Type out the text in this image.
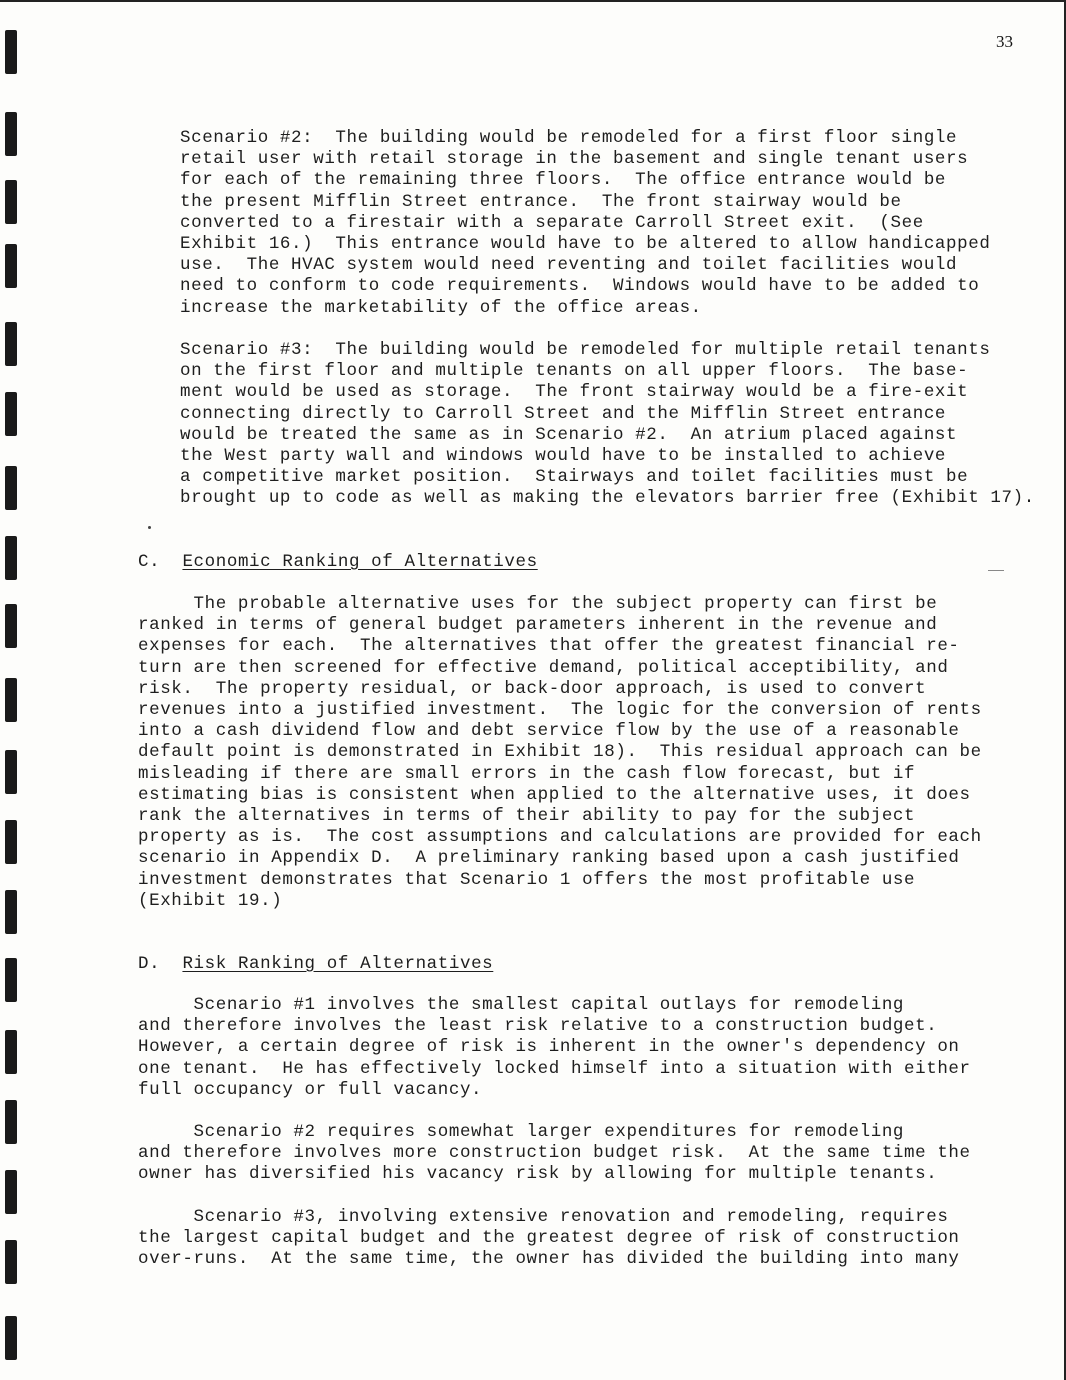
33

Scenario #2:  The building would be remodeled for a first floor single
retail user with retail storage in the basement and single tenant users
for each of the remaining three floors.  The office entrance would be
the present Mifflin Street entrance.  The front stairway would be
converted to a firestair with a separate Carroll Street exit.  (See
Exhibit 16.)  This entrance would have to be altered to allow handicapped
use.  The HVAC system would need reventing and toilet facilities would
need to conform to code requirements.  Windows would have to be added to
increase the marketability of the office areas.

Scenario #3:  The building would be remodeled for multiple retail tenants
on the first floor and multiple tenants on all upper floors.  The base-
ment would be used as storage.  The front stairway would be a fire-exit
connecting directly to Carroll Street and the Mifflin Street entrance
would be treated the same as in Scenario #2.  An atrium placed against
the West party wall and windows would have to be installed to achieve
a competitive market position.  Stairways and toilet facilities must be
brought up to code as well as making the elevators barrier free (Exhibit 17).

C. Economic Ranking of Alternatives

The probable alternative uses for the subject property can first be
ranked in terms of general budget parameters inherent in the revenue and
expenses for each.  The alternatives that offer the greatest financial re-
turn are then screened for effective demand, political acceptibility, and
risk.  The property residual, or back-door approach, is used to convert
revenues into a justified investment.  The logic for the conversion of rents
into a cash dividend flow and debt service flow by the use of a reasonable
default point is demonstrated in Exhibit 18).  This residual approach can be
misleading if there are small errors in the cash flow forecast, but if
estimating bias is consistent when applied to the alternative uses, it does
rank the alternatives in terms of their ability to pay for the subject
property as is.  The cost assumptions and calculations are provided for each
scenario in Appendix D.  A preliminary ranking based upon a cash justified
investment demonstrates that Scenario 1 offers the most profitable use
(Exhibit 19.)

D. Risk Ranking of Alternatives

Scenario #1 involves the smallest capital outlays for remodeling
and therefore involves the least risk relative to a construction budget.
However, a certain degree of risk is inherent in the owner's dependency on
one tenant.  He has effectively locked himself into a situation with either
full occupancy or full vacancy.

Scenario #2 requires somewhat larger expenditures for remodeling
and therefore involves more construction budget risk.  At the same time the
owner has diversified his vacancy risk by allowing for multiple tenants.

Scenario #3, involving extensive renovation and remodeling, requires
the largest capital budget and the greatest degree of risk of construction
over-runs.  At the same time, the owner has divided the building into many
